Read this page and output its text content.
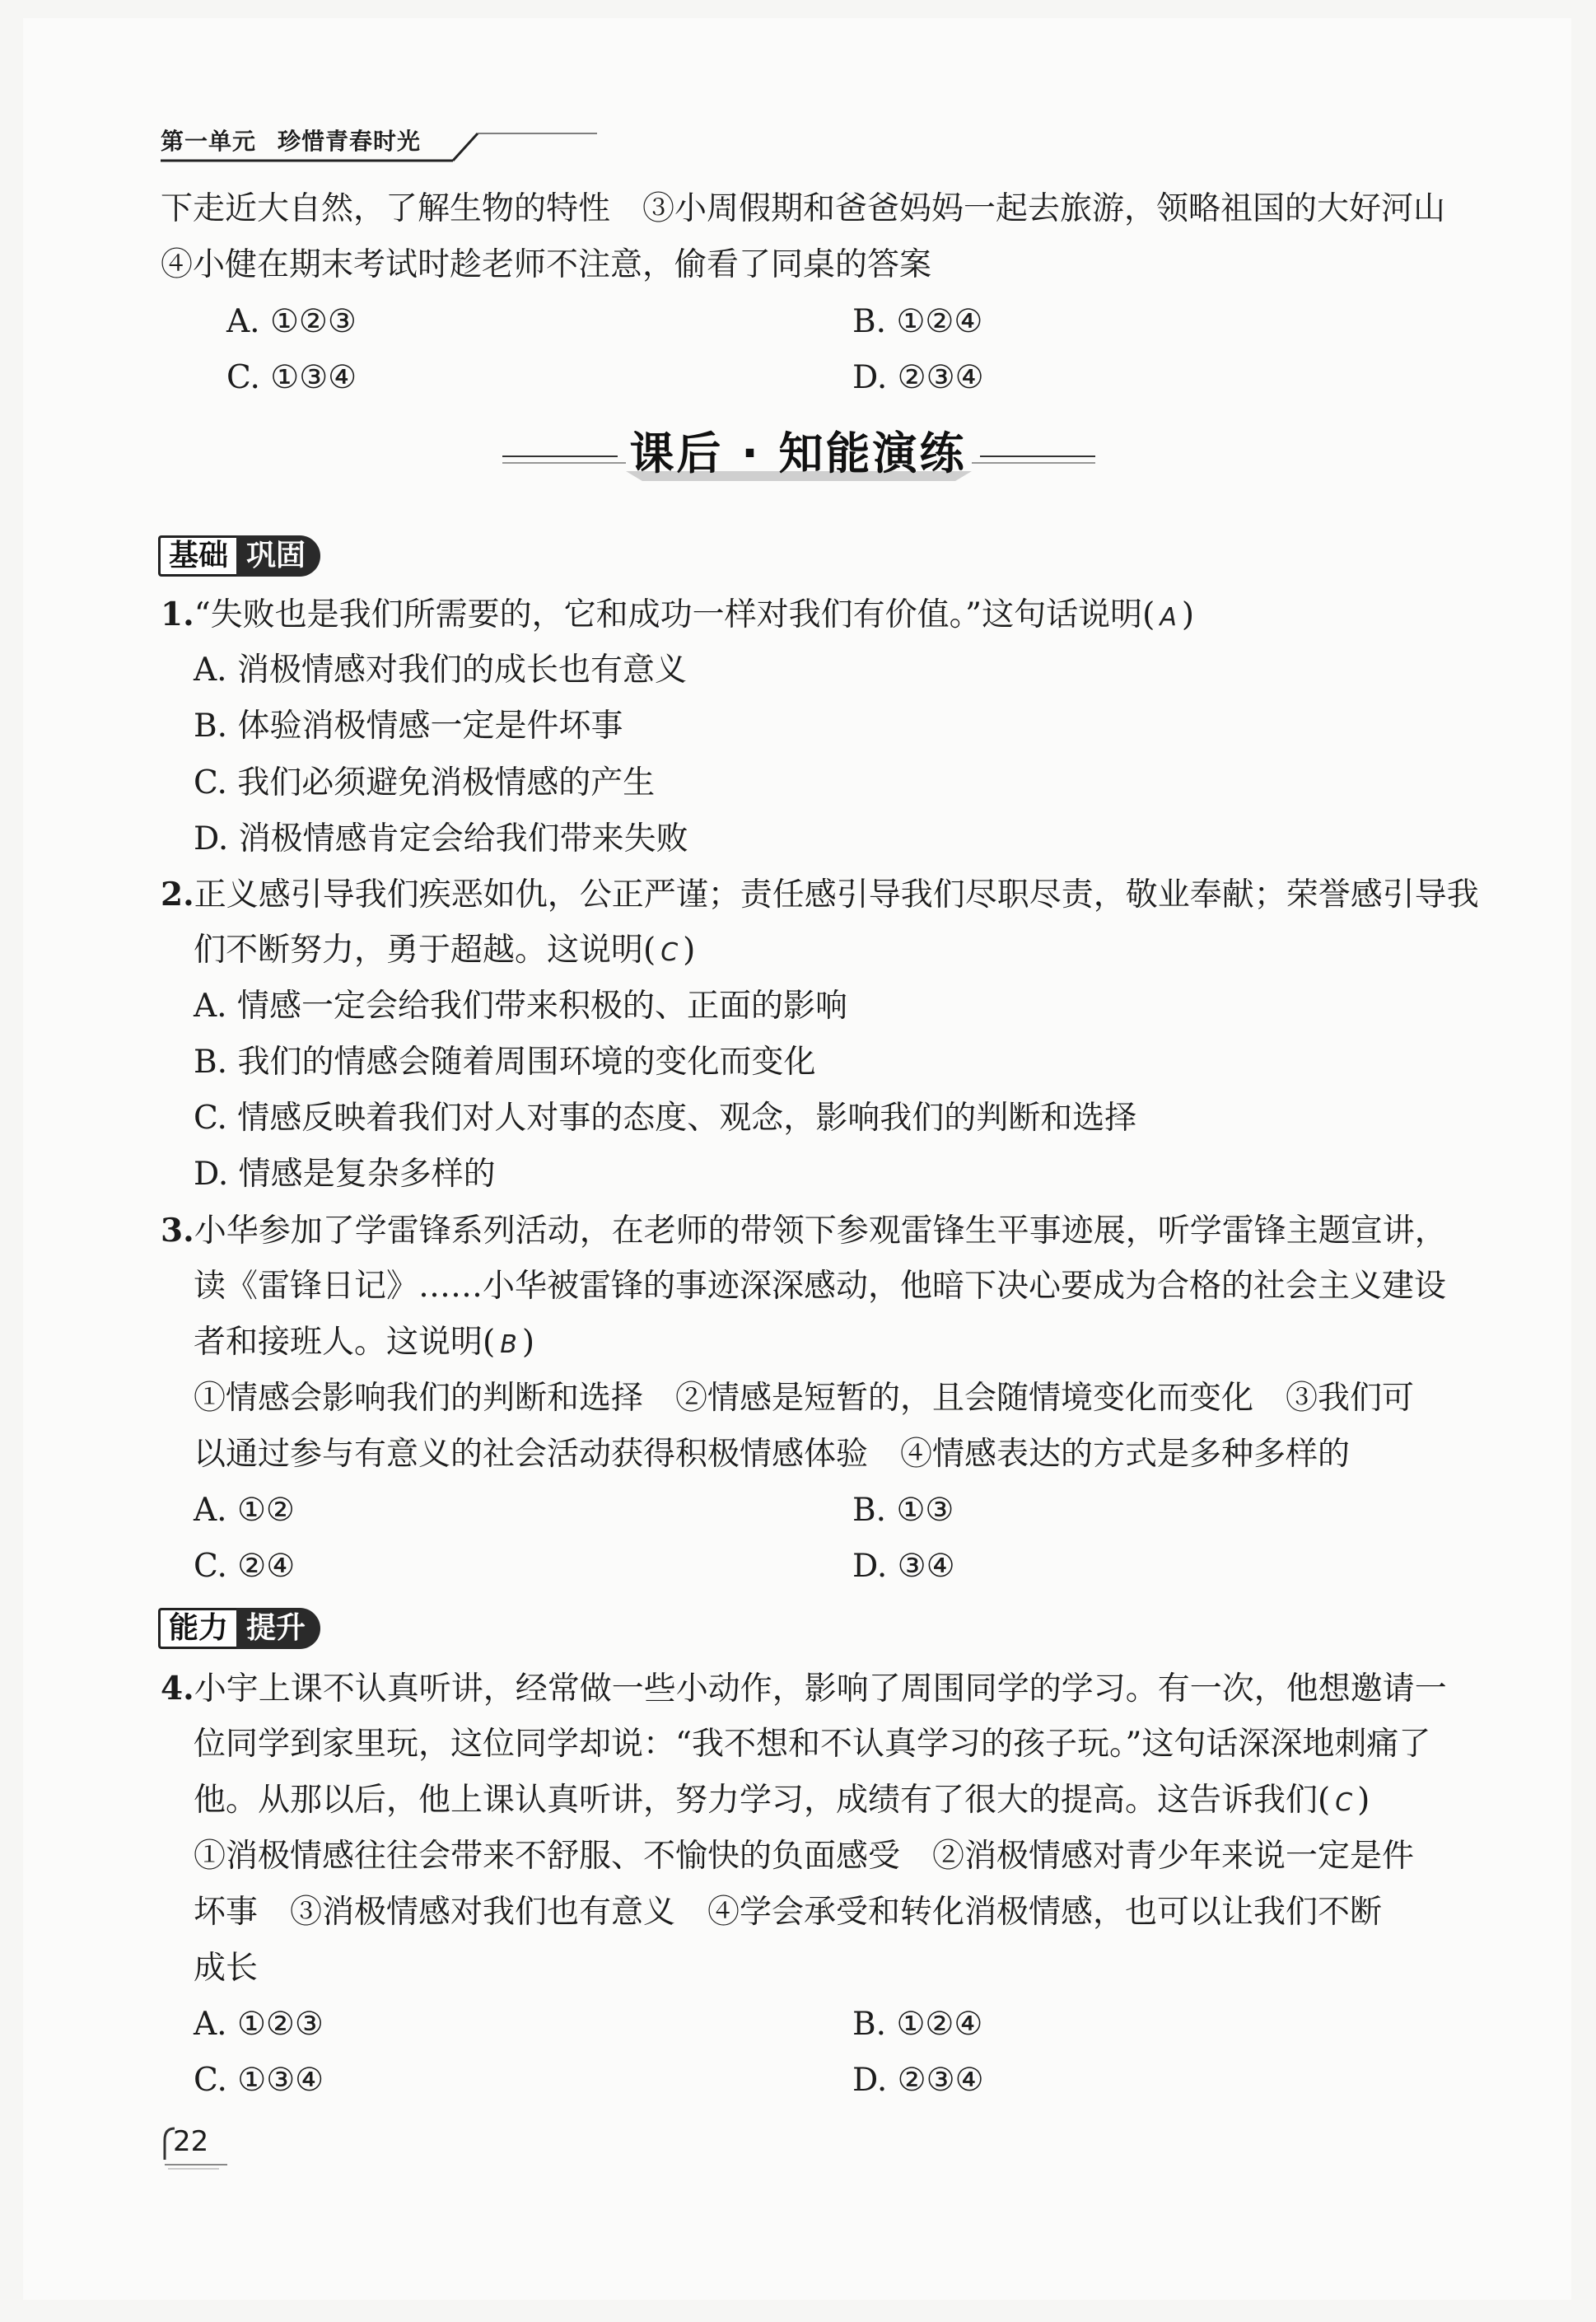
第一单元 珍惜青春时光
下走近大自然，了解生物的特性　③小周假期和爸爸妈妈一起去旅游，领略祖国的大好河山
④小健在期末考试时趁老师不注意，偷看了同桌的答案
A. ①②③	B. ①②④
C. ①③④	D. ②③④
课后 · 知能演练
基础 巩固
1.“失败也是我们所需要的，它和成功一样对我们有价值。”这句话说明( A )
A. 消极情感对我们的成长也有意义
B. 体验消极情感一定是件坏事
C. 我们必须避免消极情感的产生
D. 消极情感肯定会给我们带来失败
2.正义感引导我们疾恶如仇，公正严谨；责任感引导我们尽职尽责，敬业奉献；荣誉感引导我
们不断努力，勇于超越。这说明( C )
A. 情感一定会给我们带来积极的、正面的影响
B. 我们的情感会随着周围环境的变化而变化
C. 情感反映着我们对人对事的态度、观念，影响我们的判断和选择
D. 情感是复杂多样的
3.小华参加了学雷锋系列活动，在老师的带领下参观雷锋生平事迹展，听学雷锋主题宣讲，
读《雷锋日记》……小华被雷锋的事迹深深感动，他暗下决心要成为合格的社会主义建设
者和接班人。这说明( B )
①情感会影响我们的判断和选择　②情感是短暂的，且会随情境变化而变化　③我们可
以通过参与有意义的社会活动获得积极情感体验　④情感表达的方式是多种多样的
A. ①②	B. ①③
C. ②④	D. ③④
能力 提升
4.小宇上课不认真听讲，经常做一些小动作，影响了周围同学的学习。有一次，他想邀请一
位同学到家里玩，这位同学却说：“我不想和不认真学习的孩子玩。”这句话深深地刺痛了
他。从那以后，他上课认真听讲，努力学习，成绩有了很大的提高。这告诉我们( C )
①消极情感往往会带来不舒服、不愉快的负面感受　②消极情感对青少年来说一定是件
坏事　③消极情感对我们也有意义　④学会承受和转化消极情感，也可以让我们不断
成长
A. ①②③	B. ①②④
C. ①③④	D. ②③④
22
